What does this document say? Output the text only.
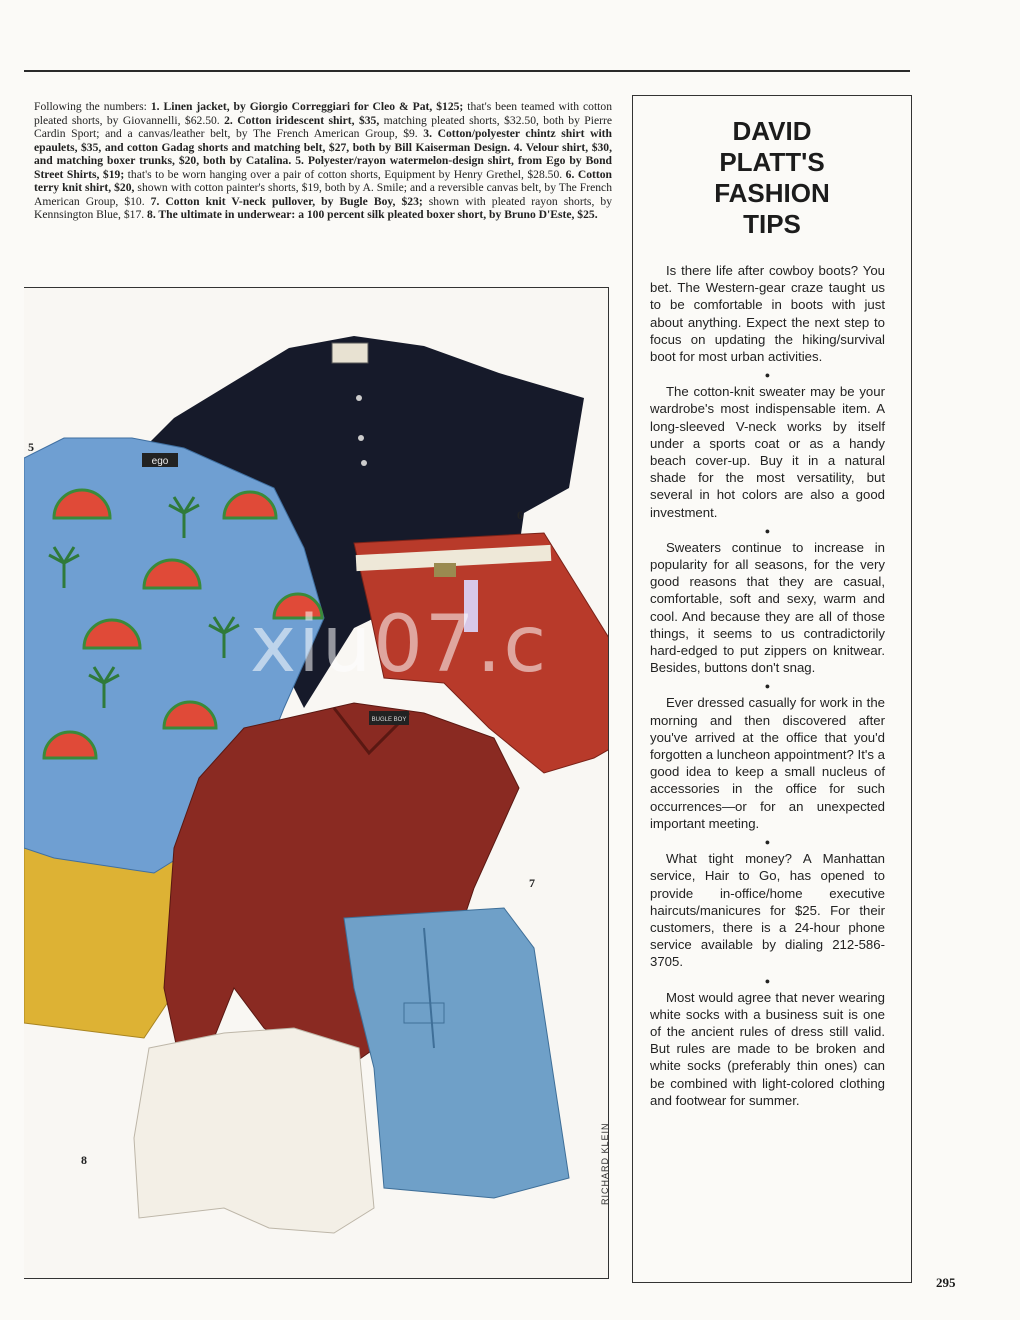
Following the numbers: 1. Linen jacket, by Giorgio Correggiari for Cleo & Pat, $125; that's been teamed with cotton pleated shorts, by Giovannelli, $62.50. 2. Cotton iridescent shirt, $35, matching pleated shorts, $32.50, both by Pierre Cardin Sport; and a canvas/leather belt, by The French American Group, $9. 3. Cotton/polyester chintz shirt with epaulets, $35, and cotton Gadag shorts and matching belt, $27, both by Bill Kaiserman Design. 4. Velour shirt, $30, and matching boxer trunks, $20, both by Catalina. 5. Polyester/rayon watermelon-design shirt, from Ego by Bond Street Shirts, $19; that's to be worn hanging over a pair of cotton shorts, Equipment by Henry Grethel, $28.50. 6. Cotton terry knit shirt, $20, shown with cotton painter's shorts, $19, both by A. Smile; and a reversible canvas belt, by The French American Group, $10. 7. Cotton knit V-neck pullover, by Bugle Boy, $23; shown with pleated rayon shorts, by Kennsington Blue, $17. 8. The ultimate in underwear: a 100 percent silk pleated boxer short, by Bruno D'Este, $25.
ego
BUGLE BOY
5
6
7
8	RICHARD KLEIN
xiu07.c
DAVID
PLATT'S
FASHION
TIPS

Is there life after cowboy boots? You bet. The Western-gear craze taught us to be comfortable in boots with just about anything. Expect the next step to focus on updating the hiking/survival boot for most urban activities.

●

The cotton-knit sweater may be your wardrobe's most indispensable item. A long-sleeved V-neck works by itself under a sports coat or as a handy beach cover-up. Buy it in a natural shade for the most versatility, but several in hot colors are also a good investment.

●

Sweaters continue to increase in popularity for all seasons, for the very good reasons that they are casual, comfortable, soft and sexy, warm and cool. And because they are all of those things, it seems to us contradictorily hard-edged to put zippers on knitwear. Besides, buttons don't snag.

●

Ever dressed casually for work in the morning and then discovered after you've arrived at the office that you'd forgotten a luncheon appointment? It's a good idea to keep a small nucleus of accessories in the office for such occurrences—or for an unexpected important meeting.

●

What tight money? A Manhattan service, Hair to Go, has opened to provide in-office/home executive haircuts/manicures for $25. For their customers, there is a 24-hour phone service available by dialing 212-586-3705.

●

Most would agree that never wearing white socks with a business suit is one of the ancient rules of dress still valid. But rules are made to be broken and white socks (preferably thin ones) can be combined with light-colored clothing and footwear for summer.

295
